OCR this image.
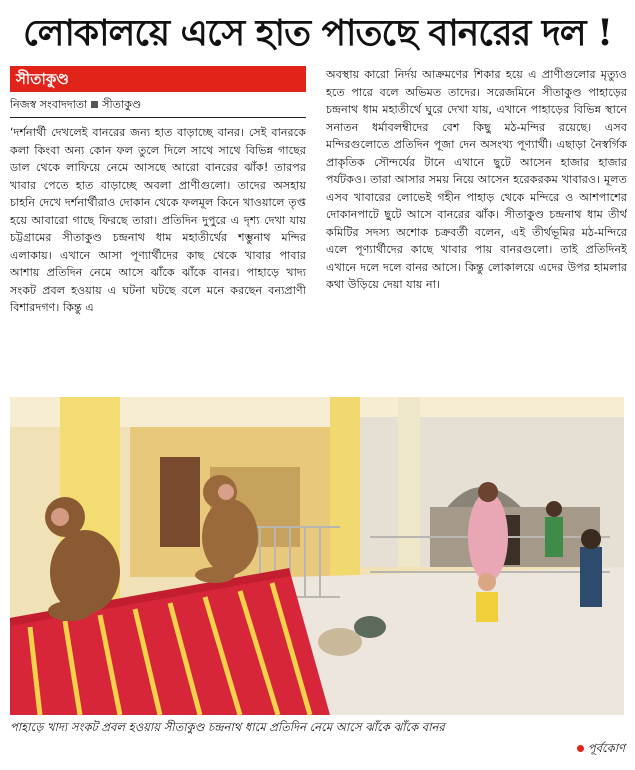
লোকালয়ে এসে হাত পাতছে বানরের দল !
সীতাকুণ্ড
নিজস্ব সংবাদদাতা সীতাকুণ্ড

‘দর্শনার্থী দেখলেই বানরের জন্য হাত বাড়াচ্ছে বানর। সেই বানরকে কলা কিংবা অন্য কোন ফল তুলে দিলে সাথে সাথে বিভিন্ন গাছের ডাল থেকে লাফিয়ে নেমে আসছে আরো বানরের ঝাঁক! তারপর খাবার পেতে হাত বাড়াচ্ছে অবলা প্রাণীগুলো। তাদের অসহায় চাহনি দেখে দর্শনার্থীরাও দোকান থেকে ফলমূল কিনে খাওয়ালে তৃপ্ত হয়ে আবারো গাছে ফিরছে তারা। প্রতিদিন দুপুরে এ দৃশ্য দেখা যায় চট্টগ্রামের সীতাকুণ্ড চন্দ্রনাথ ধাম মহাতীর্থের শম্ভুনাথ মন্দির এলাকায়। এখানে আসা পূণ্যার্থীদের কাছ থেকে খাবার পাবার আশায় প্রতিদিন নেমে আসে ঝাঁকে ঝাঁকে বানর। পাহাড়ে খাদ্য সংকট প্রবল হওয়ায় এ ঘটনা ঘটছে বলে মনে করছেন বন্যপ্রাণী বিশারদগণ। কিন্তু এ

অবস্থায় কারো নির্দয় আক্রমণের শিকার হয়ে এ প্রাণীগুলোর মৃত্যুও হতে পারে বলে অভিমত তাদের। সরেজমিনে সীতাকুণ্ড পাহাড়ের চন্দ্রনাথ ধাম মহাতীর্থে ঘুরে দেখা যায়, এখানে পাহাড়ের বিভিন্ন স্থানে সনাতন ধর্মাবলম্বীদের বেশ কিছু মঠ-মন্দির রয়েছে। এসব মন্দিরগুলোতে প্রতিদিন পূজা দেন অসংখ্য পূণ্যার্থী। এছাড়া নৈস্বর্গিক প্রাকৃতিক সৌন্দর্যের টানে এখানে ছুটে আসেন হাজার হাজার পর্যটকও। তারা আসার সময় নিয়ে আসেন হরেকরকম খাবারও। মূলত এসব খাবারের লোভেই গহীন পাহাড় থেকে মন্দিরে ও আশপাশের দোকানপাটে ছুটে আসে বানরের ঝাঁক। সীতাকুণ্ড চন্দ্রনাথ ধাম তীর্থ কমিটির সদস্য অশোক চক্রবর্তী বলেন, এই তীর্থভূমির মঠ-মন্দিরে এলে পূণ্যার্থীদের কাছে খাবার পায় বানরগুলো। তাই প্রতিদিনই এখানে দলে দলে বানর আসে। কিন্তু লোকালয়ে এদের উপর হামলার কথা উড়িয়ে দেয়া যায় না।

পাহাড়ে খাদ্য সংকট প্রবল হওয়ায় সীতাকুণ্ড চন্দ্রনাথ ধামে প্রতিদিন নেমে আসে ঝাঁকে ঝাঁকে বানর
পূর্বকোণ
